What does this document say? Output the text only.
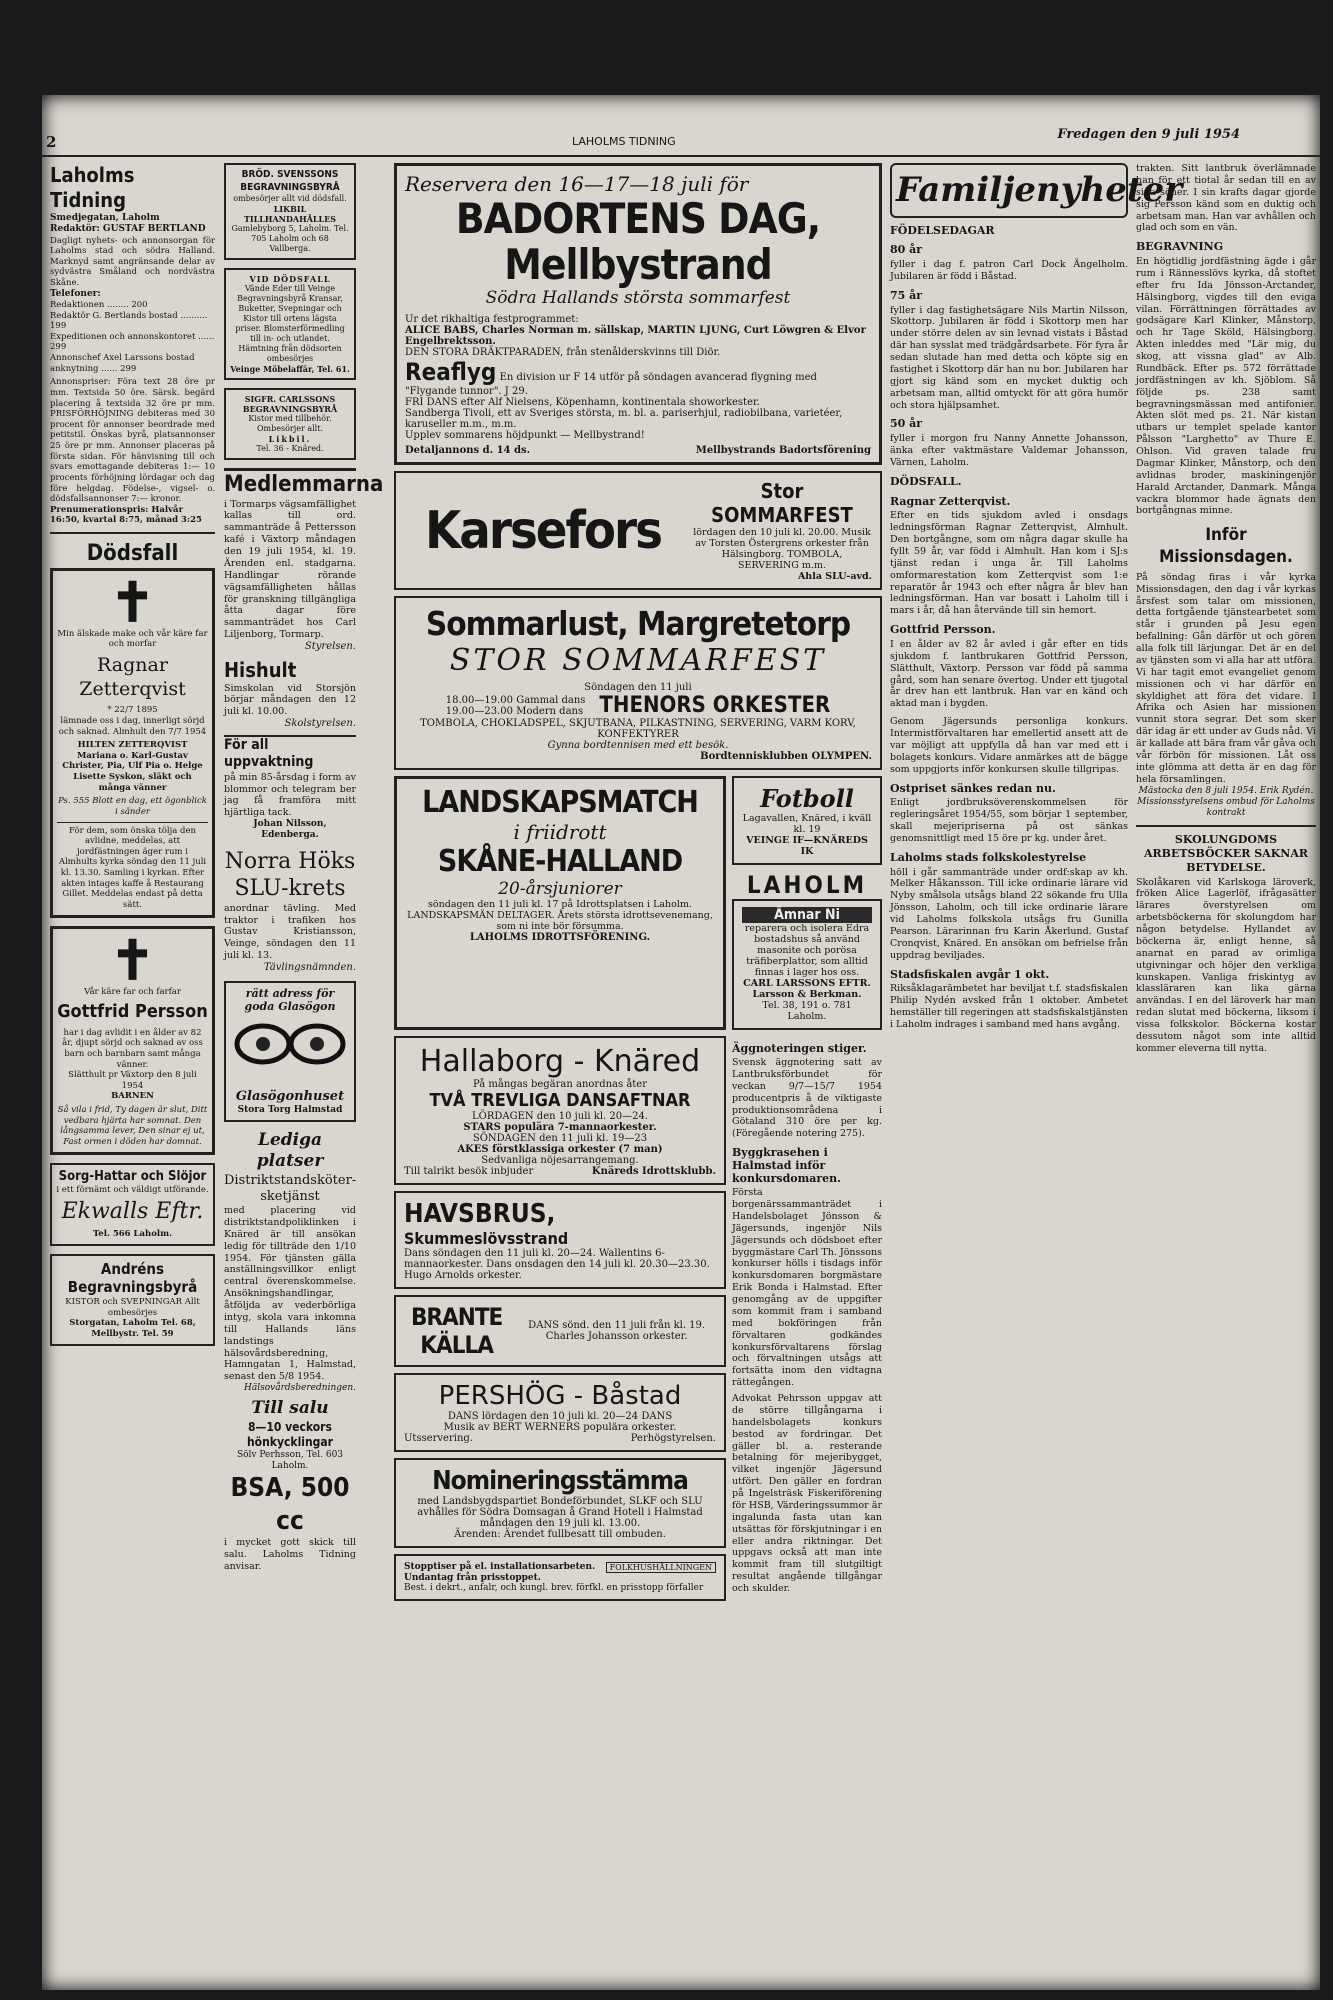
2	LAHOLMS TIDNING	Fredagen den 9 juli 1954
Laholms Tidning
Smedjegatan, Laholm
Redaktör: GUSTAF BERTLAND
Dagligt nyhets- och annonsorgan för Laholms stad och södra Halland. Marknyd samt angränsande delar av sydvästra Småland och nordvästra Skåne.
Telefoner:
Redaktionen ........ 200
Redaktör G. Bertlands bostad .......... 199
Expeditionen och annonskontoret ...... 299
Annonschef Axel Larssons bostad anknytning ...... 299
Annonspriser: Föra text 28 öre pr mm. Textsida 50 öre. Särsk. begärd placering å textsida 32 öre pr mm. PRISFÖRHÖJNING debiteras med 30 procent för annonser beordrade med petitstil. Önskas byrå, platsannonser 25 öre pr mm. Annonser placeras på första sidan. För hänvisning till och svars emottagande debiteras 1:— 10 procents förhöjning lördagar och dag före helgdag. Födelse-, vigsel- o. dödsfallsannonser 7:— kronor.
Prenumerationspris: Halvår 16:50, kvartal 8:75, månad 3:25
Dödsfall
✝
Min älskade make och vår käre far och morfar
Ragnar Zetterqvist
* 22/7 1895
lämnade oss i dag, innerligt sörjd och saknad. Almhult den 7/7 1954
HILTEN ZETTERQVIST Mariana o. Karl-Gustav Christer, Pia, Ulf Pia o. Helge Lisette Syskon, släkt och många vänner
Ps. 555 Blott en dag, ett ögonblick i sänder
För dem, som önska tölja den avlidne, meddelas, att jordfästningen äger rum i Almhults kyrka söndag den 11 juli kl. 13.30. Samling i kyrkan. Efter akten intages kaffe å Restaurang Gillet. Meddelas endast på detta sätt.
✝
Vår käre far och farfar
Gottfrid Persson
har i dag avlidit i en ålder av 82 år, djupt sörjd och saknad av oss barn och barnbarn samt många vänner.
Slätthult pr Växtorp den 8 juli 1954
BARNEN
Så vila i frid, Ty dagen är slut, Ditt vedbara hjärta har somnat. Den långsamma lever, Den sinar ej ut, Fast ormen i döden har domnat.
Sorg-Hattar och Slöjor
i ett förnämt och väldigt utförande.
Ekwalls Eftr.
Tel. 566 Laholm.
Andréns Begravningsbyrå
KISTOR och SVEPNINGAR Allt ombesörjes
Storgatan, Laholm Tel. 68, Mellbystr. Tel. 59
BRÖD. SVENSSONS BEGRAVNINGSBYRÅ
ombesörjer allt vid dödsfall.
LIKBIL TILLHANDAHÅLLES
Gamlebyborg 5, Laholm. Tel. 705 Laholm och 68 Vallberga.
VID DÖDSFALL
Vände Eder till Veinge Begravningsbyrå Kransar, Buketter, Svepningar och Kistor till ortens lägsta priser. Blomsterförmedling till in- och utlandet. Hämtning från dödsorten ombesörjes
Veinge Möbelaffär, Tel. 61.
SIGFR. CARLSSONS BEGRAVNINGSBYRÅ
Kistor med tillbehör. Ombesörjer allt.
Likbil.
Tel. 36 - Knäred.
Medlemmarna
i Tormarps vägsamfällighet kallas till ord. sammanträde å Pettersson kafé i Växtorp måndagen den 19 juli 1954, kl. 19. Ärenden enl. stadgarna. Handlingar rörande vägsamfälligheten hållas för granskning tillgängliga åtta dagar före sammanträdet hos Carl Liljenborg, Tormarp.
Styrelsen.
Hishult
Simskolan vid Storsjön börjar måndagen den 12 juli kl. 10.00.
Skolstyrelsen.
För all uppvaktning
på min 85-årsdag i form av blommor och telegram ber jag få framföra mitt hjärtliga tack.
Johan Nilsson, Edenberga.
Norra Höks SLU-krets
anordnar tävling. Med traktor i trafiken hos Gustav Kristiansson, Veinge, söndagen den 11 juli kl. 13.
Tävlingsnämnden.
rätt adress för goda Glasögon
Glasögonhuset
Stora Torg Halmstad
Lediga platser
Distriktstandsköter-sketjänst
med placering vid distriktstandpoliklinken i Knäred är till ansökan ledig för tillträde den 1/10 1954. För tjänsten gälla anställningsvillkor enligt central överenskommelse. Ansökningshandlingar, åtföljda av vederbörliga intyg, skola vara inkomna till Hallands läns landstings hälsovårdsberedning, Hamngatan 1, Halmstad, senast den 5/8 1954.
Hälsovårdsberedningen.
Till salu
8—10 veckors hönkycklingar
Sölv Perhsson, Tel. 603 Laholm.
BSA, 500 cc
i mycket gott skick till salu. Laholms Tidning anvisar.
Reservera den 16—17—18 juli för
BADORTENS DAG, Mellbystrand
Södra Hallands största sommarfest
Ur det rikhaltiga festprogrammet:
ALICE BABS, Charles Norman m. sällskap, MARTIN LJUNG, Curt Löwgren & Elvor Engelbrektsson.
DEN STORA DRÄKTPARADEN, från stenålderskvinns till Diör.
Reaflyg En division ur F 14 utför på söndagen avancerad flygning med "Flygande tunnor". J 29.
FRI DANS efter Alf Nielsens, Köpenhamn, kontinentala showorkester.
Sandberga Tivoli, ett av Sveriges största, m. bl. a. pariserhjul, radiobilbana, varietéer, karuseller m.m., m.m.
Upplev sommarens höjdpunkt — Mellbystrand!
Detaljannons d. 14 ds.	Mellbystrands Badortsförening
Karsefors
Stor SOMMARFEST
lördagen den 10 juli kl. 20.00. Musik av Torsten Östergrens orkester från Hälsingborg. TOMBOLA, SERVERING m.m.
Ahla SLU-avd.
Sommarlust, Margretetorp
STOR SOMMARFEST
Söndagen den 11 juli
18.00—19.00 Gammal dans
19.00—23.00 Modern dans THENORS ORKESTER
TOMBOLA, CHOKLADSPEL, SKJUTBANA, PILKASTNING, SERVERING, VARM KORV, KONFEKTYRER
Gynna bordtennisen med ett besök.
Bordtennisklubben OLYMPEN.
LANDSKAPSMATCH
i friidrott
SKÅNE-HALLAND
20-årsjuniorer
söndagen den 11 juli kl. 17 på Idrottsplatsen i Laholm. LANDSKAPSMÄN DELTAGER. Årets största idrottsevenemang, som ni inte bör försumma.
LAHOLMS IDROTTSFÖRENING.
Fotboll
Lagavallen, Knäred, i kväll kl. 19
VEINGE IF—KNÄREDS IK
LAHOLM
Ämnar Ni
reparera och isolera Edra bostadshus så använd masonite och porösa träfiberplattor, som alltid finnas i lager hos oss.
CARL LARSSONS EFTR. Larsson & Berkman.
Tel. 38, 191 o. 781 Laholm.
Hallaborg - Knäred
På mångas begäran anordnas åter
TVÅ TREVLIGA DANSAFTNAR
LÖRDAGEN den 10 juli kl. 20—24.
STARS populära 7-mannaorkester.
SÖNDAGEN den 11 juli kl. 19—23
AKES förstklassiga orkester (7 man)
Sedvanliga nöjesarrangemang.
Till talrikt besök inbjuder	Knäreds Idrottsklubb.
HAVSBRUS, Skummeslövsstrand
Dans söndagen den 11 juli kl. 20—24. Wallentins 6-mannaorkester. Dans onsdagen den 14 juli kl. 20.30—23.30. Hugo Arnolds orkester.
BRANTE KÄLLA
DANS sönd. den 11 juli från kl. 19. Charles Johansson orkester.
PERSHÖG - Båstad
DANS lördagen den 10 juli kl. 20—24 DANS
Musik av BERT WERNERS populära orkester.
Utsservering.	Perhögstyrelsen.
Nomineringsstämma
med Landsbygdspartiet Bondeförbundet, SLKF och SLU avhålles för Södra Domsagan å Grand Hotell i Halmstad måndagen den 19 juli kl. 13.00.
Ärenden: Ärendet fullbesatt till ombuden.
Stopptiser på el. installationsarbeten.	FOLKHUSHÅLLNINGEN
Undantag från prisstoppet.
Best. i dekrt., anfalr, och kungl. brev. förfkl. en prisstopp förfaller
Äggnoteringen stiger.
Svensk äggnotering satt av Lantbruksförbundet för veckan 9/7—15/7 1954 producentpris å de viktigaste produktionsområdena i Götaland 310 öre per kg. (Föregående notering 275).
Byggkrasehen i Halmstad inför konkursdomaren.
Första borgenärssammanträdet i Handelsbolaget Jönsson & Jägersunds, ingenjör Nils Jägersunds och dödsboet efter byggmästare Carl Th. Jönssons konkurser hölls i tisdags inför konkursdomaren borgmästare Erik Bonda i Halmstad. Efter genomgång av de uppgifter som kommit fram i samband med bokföringen från förvaltaren godkändes konkursförvaltarens förslag och förvaltningen utsågs att fortsätta inom den vidtagna rättegången.
Advokat Pehrsson uppgav att de större tillgångarna i handelsbolagets konkurs bestod av fordringar. Det gäller bl. a. resterande betalning för mejeribygget, vilket ingenjör Jägersund utfört. Den gäller en fordran på Ingelsträsk Fiskeriförening för HSB, Värderingssummor är ingalunda fasta utan kan utsättas för förskjutningar i en eller andra riktningar. Det uppgavs också att man inte kommit fram till slutgiltigt resultat angående tillgångar och skulder.
Familjenyheter
FÖDELSEDAGAR
80 år
fyller i dag f. patron Carl Dock Ängelholm. Jubilaren är född i Båstad.
75 år
fyller i dag fastighetsägare Nils Martin Nilsson, Skottorp. Jubilaren är född i Skottorp men har under större delen av sin levnad vistats i Båstad där han sysslat med trädgårdsarbete. För fyra år sedan slutade han med detta och köpte sig en fastighet i Skottorp där han nu bor. Jubilaren har gjort sig känd som en mycket duktig och arbetsam man, alltid omtyckt för att göra humör och stora hjälpsamhet.
50 år
fyller i morgon fru Nanny Annette Johansson, änka efter vaktmästare Valdemar Johansson, Värnen, Laholm.
DÖDSFALL.
Ragnar Zetterqvist.
Efter en tids sjukdom avled i onsdags ledningsförman Ragnar Zetterqvist, Almhult. Den bortgångne, som om några dagar skulle ha fyllt 59 år, var född i Almhult. Han kom i SJ:s tjänst redan i unga år. Till Laholms omformarestation kom Zetterqvist som 1:e reparatör år 1943 och efter några år blev han ledningsförman. Han var bosatt i Laholm till i mars i år, då han återvände till sin hemort.
Gottfrid Persson.
I en ålder av 82 år avled i går efter en tids sjukdom f. lantbrukaren Gottfrid Persson, Slätthult, Växtorp. Persson var född på samma gård, som han senare övertog. Under ett tjugotal år drev han ett lantbruk. Han var en känd och aktad man i bygden.
Genom Jägersunds personliga konkurs. Intermistförvaltaren har emellertid ansett att de var möjligt att uppfylla då han var med ett i bolagets konkurs. Vidare anmärkes att de bägge som uppgjorts inför konkursen skulle tillgripas.
Ostpriset sänkes redan nu.
Enligt jordbruksöverenskommelsen för regleringsåret 1954/55, som börjar 1 september, skall mejeripriserna på ost sänkas genomsnittligt med 15 öre pr kg. under året.
Laholms stads folkskolestyrelse
höll i går sammanträde under ordf:skap av kh. Melker Håkansson. Till icke ordinarie lärare vid Nyby smålsola utsågs bland 22 sökande fru Ulla Jönsson, Laholm, och till icke ordinarie lärare vid Laholms folkskola utsågs fru Gunilla Pearson. Lärarinnan fru Karin Åkerlund. Gustaf Cronqvist, Knäred. En ansökan om befrielse från uppdrag beviljades.
Stadsfiskalen avgår 1 okt.
Riksåklagarämbetet har beviljat t.f. stadsfiskalen Philip Nydén avsked från 1 oktober. Ambetet hemställer till regeringen att stadsfiskalstjänsten i Laholm indrages i samband med hans avgång.
trakten. Sitt lantbruk överlämnade han för ett tiotal år sedan till en av sina söner. I sin krafts dagar gjorde sig Persson känd som en duktig och arbetsam man. Han var avhållen och glad och som en vän.
BEGRAVNING
En högtidlig jordfästning ägde i går rum i Rännesslövs kyrka, då stoftet efter fru Ida Jönsson-Arctander, Hälsingborg, vigdes till den eviga vilan. Förrättningen förrättades av godsägare Karl Klinker, Månstorp, och hr Tage Sköld, Hälsingborg. Akten inleddes med "Lär mig, du skog, att vissna glad" av Alb. Rundbäck. Efter ps. 572 förrättade jordfästningen av kh. Sjöblom. Så följde ps. 238 samt begravningsmässan med antifonier. Akten slöt med ps. 21. När kistan utbars ur templet spelade kantor Pålsson "Larghetto" av Thure E. Ohlson. Vid graven talade fru Dagmar Klinker, Månstorp, och den avlidnas broder, maskiningenjör Harald Arctander, Danmark. Många vackra blommor hade ägnats den bortgångnas minne.
Inför Missionsdagen.
På söndag firas i vår kyrka Missionsdagen, den dag i vår kyrkas årsfest som talar om missionen, detta fortgående tjänstearbetet som står i grunden på Jesu egen befallning: Gån därför ut och gören alla folk till lärjungar. Det är en del av tjänsten som vi alla har att utföra. Vi har tagit emot evangeliet genom missionen och vi har därför en skyldighet att föra det vidare. I Afrika och Asien har missionen vunnit stora segrar. Det som sker där idag är ett under av Guds nåd. Vi är kallade att bära fram vår gåva och vår förbön för missionen. Låt oss inte glömma att detta är en dag för hela församlingen.
Mästocka den 8 juli 1954. Erik Rydén. Missionsstyrelsens ombud för Laholms kontrakt
SKOLUNGDOMS ARBETSBÖCKER SAKNAR BETYDELSE.
Skolåkaren vid Karlskoga läroverk, fröken Alice Lagerlöf, ifrågasätter lärares överstyrelsen om arbetsböckerna för skolungdom har någon betydelse. Hyllandet av böckerna är, enligt henne, så anarnat en parad av orimliga utgivningar och höjer den verkliga kunskapen. Vanliga friskintyg av klassläraren kan lika gärna användas. I en del läroverk har man redan slutat med böckerna, liksom i vissa folkskolor. Böckerna kostar dessutom något som inte alltid kommer eleverna till nytta.
